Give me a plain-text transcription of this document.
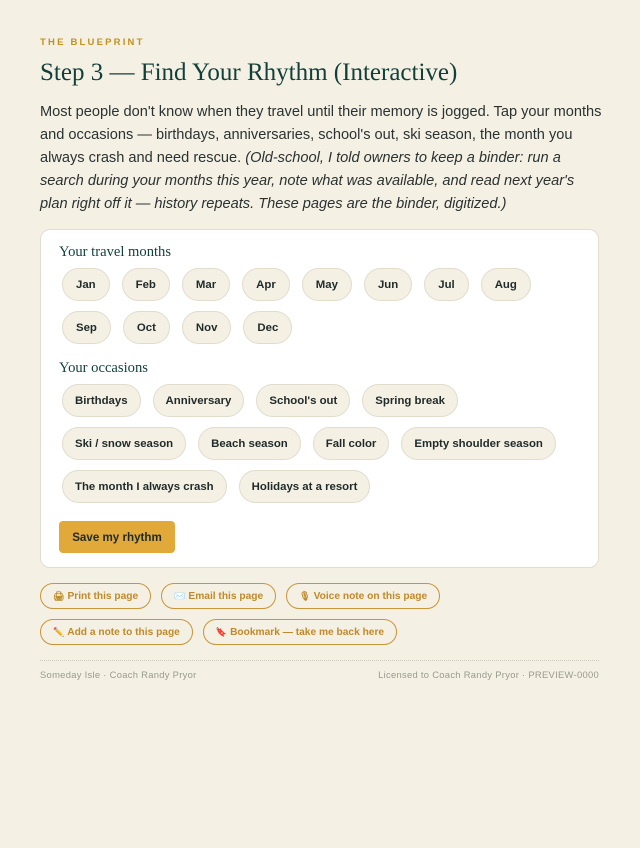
THE BLUEPRINT
Step 3 — Find Your Rhythm (Interactive)

Most people don't know when they travel until their memory is jogged. Tap your months and occasions — birthdays, anniversaries, school's out, ski season, the month you always crash and need rescue. (Old-school, I told owners to keep a binder: run a search during your months this year, note what was available, and read next year's plan right off it — history repeats. These pages are the binder, digitized.)

Your travel months
Jan	Feb	Mar	Apr	May	Jun	Jul	Aug
Sep	Oct	Nov	Dec
Your occasions
Birthdays	Anniversary	School's out	Spring break
Ski / snow season	Beach season	Fall color	Empty shoulder season
The month I always crash	Holidays at a resort
Save my rhythm
🖨 Print this page	✉️ Email this page	🎙 Voice note on this page
✏️ Add a note to this page	🔖 Bookmark — take me back here
Someday Isle · Coach Randy Pryor	Licensed to Coach Randy Pryor · PREVIEW-0000
